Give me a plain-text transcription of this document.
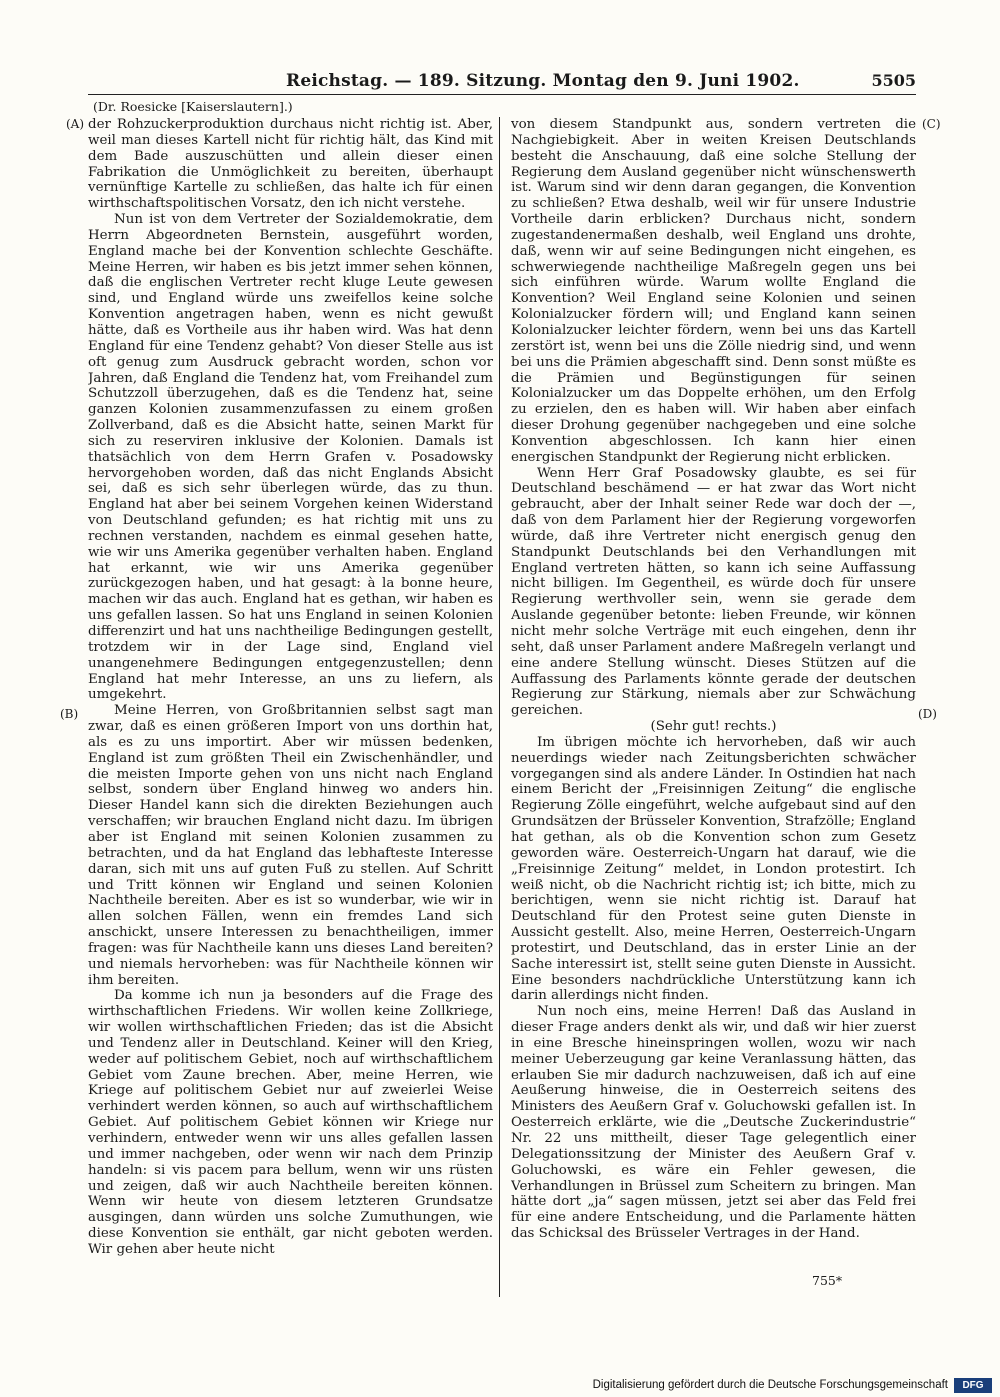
Reichstag. — 189. Sitzung. Montag den 9. Juni 1902.	5505
(Dr. Roesicke [Kaiserslautern].)
(A)
(B)
(C)
(D)

der Rohzuckerproduktion durchaus nicht richtig ist. Aber, weil man dieses Kartell nicht für richtig hält, das Kind mit dem Bade auszuschütten und allein dieser einen Fabrikation die Unmöglichkeit zu bereiten, überhaupt vernünftige Kartelle zu schließen, das halte ich für einen wirthschaftspolitischen Vorsatz, den ich nicht verstehe.

Nun ist von dem Vertreter der Sozialdemokratie, dem Herrn Abgeordneten Bernstein, ausgeführt worden, England mache bei der Konvention schlechte Geschäfte. Meine Herren, wir haben es bis jetzt immer sehen können, daß die englischen Vertreter recht kluge Leute gewesen sind, und England würde uns zweifellos keine solche Konvention angetragen haben, wenn es nicht gewußt hätte, daß es Vortheile aus ihr haben wird. Was hat denn England für eine Tendenz gehabt? Von dieser Stelle aus ist oft genug zum Ausdruck gebracht worden, schon vor Jahren, daß England die Tendenz hat, vom Freihandel zum Schutzzoll überzugehen, daß es die Tendenz hat, seine ganzen Kolonien zusammenzufassen zu einem großen Zollverband, daß es die Absicht hatte, seinen Markt für sich zu reserviren inklusive der Kolonien. Damals ist thatsächlich von dem Herrn Grafen v. Posadowsky hervorgehoben worden, daß das nicht Englands Absicht sei, daß es sich sehr überlegen würde, das zu thun. England hat aber bei seinem Vorgehen keinen Widerstand von Deutschland gefunden; es hat richtig mit uns zu rechnen verstanden, nachdem es einmal gesehen hatte, wie wir uns Amerika gegenüber verhalten haben. England hat erkannt, wie wir uns Amerika gegenüber zurückgezogen haben, und hat gesagt: à la bonne heure, machen wir das auch. England hat es gethan, wir haben es uns gefallen lassen. So hat uns England in seinen Kolonien differenzirt und hat uns nachtheilige Bedingungen gestellt, trotzdem wir in der Lage sind, England viel unangenehmere Bedingungen entgegenzustellen; denn England hat mehr Interesse, an uns zu liefern, als umgekehrt.

Meine Herren, von Großbritannien selbst sagt man zwar, daß es einen größeren Import von uns dorthin hat, als es zu uns importirt. Aber wir müssen bedenken, England ist zum größten Theil ein Zwischenhändler, und die meisten Importe gehen von uns nicht nach England selbst, sondern über England hinweg wo anders hin. Dieser Handel kann sich die direkten Beziehungen auch verschaffen; wir brauchen England nicht dazu. Im übrigen aber ist England mit seinen Kolonien zusammen zu betrachten, und da hat England das lebhafteste Interesse daran, sich mit uns auf guten Fuß zu stellen. Auf Schritt und Tritt können wir England und seinen Kolonien Nachtheile bereiten. Aber es ist so wunderbar, wie wir in allen solchen Fällen, wenn ein fremdes Land sich anschickt, unsere Interessen zu benachtheiligen, immer fragen: was für Nachtheile kann uns dieses Land bereiten? und niemals hervorheben: was für Nachtheile können wir ihm bereiten.

Da komme ich nun ja besonders auf die Frage des wirthschaftlichen Friedens. Wir wollen keine Zollkriege, wir wollen wirthschaftlichen Frieden; das ist die Absicht und Tendenz aller in Deutschland. Keiner will den Krieg, weder auf politischem Gebiet, noch auf wirthschaftlichem Gebiet vom Zaune brechen. Aber, meine Herren, wie Kriege auf politischem Gebiet nur auf zweierlei Weise verhindert werden können, so auch auf wirthschaftlichem Gebiet. Auf politischem Gebiet können wir Kriege nur verhindern, entweder wenn wir uns alles gefallen lassen und immer nachgeben, oder wenn wir nach dem Prinzip handeln: si vis pacem para bellum, wenn wir uns rüsten und zeigen, daß wir auch Nachtheile bereiten können. Wenn wir heute von diesem letzteren Grundsatze ausgingen, dann würden uns solche Zumuthungen, wie diese Konvention sie enthält, gar nicht geboten werden. Wir gehen aber heute nicht

von diesem Standpunkt aus, sondern vertreten die Nachgiebigkeit. Aber in weiten Kreisen Deutschlands besteht die Anschauung, daß eine solche Stellung der Regierung dem Ausland gegenüber nicht wünschenswerth ist. Warum sind wir denn daran gegangen, die Konvention zu schließen? Etwa deshalb, weil wir für unsere Industrie Vortheile darin erblicken? Durchaus nicht, sondern zugestandenermaßen deshalb, weil England uns drohte, daß, wenn wir auf seine Bedingungen nicht eingehen, es schwerwiegende nachtheilige Maßregeln gegen uns bei sich einführen würde. Warum wollte England die Konvention? Weil England seine Kolonien und seinen Kolonialzucker fördern will; und England kann seinen Kolonialzucker leichter fördern, wenn bei uns das Kartell zerstört ist, wenn bei uns die Zölle niedrig sind, und wenn bei uns die Prämien abgeschafft sind. Denn sonst müßte es die Prämien und Begünstigungen für seinen Kolonialzucker um das Doppelte erhöhen, um den Erfolg zu erzielen, den es haben will. Wir haben aber einfach dieser Drohung gegenüber nachgegeben und eine solche Konvention abgeschlossen. Ich kann hier einen energischen Standpunkt der Regierung nicht erblicken.

Wenn Herr Graf Posadowsky glaubte, es sei für Deutschland beschämend — er hat zwar das Wort nicht gebraucht, aber der Inhalt seiner Rede war doch der —, daß von dem Parlament hier der Regierung vorgeworfen würde, daß ihre Vertreter nicht energisch genug den Standpunkt Deutschlands bei den Verhandlungen mit England vertreten hätten, so kann ich seine Auffassung nicht billigen. Im Gegentheil, es würde doch für unsere Regierung werthvoller sein, wenn sie gerade dem Auslande gegenüber betonte: lieben Freunde, wir können nicht mehr solche Verträge mit euch eingehen, denn ihr seht, daß unser Parlament andere Maßregeln verlangt und eine andere Stellung wünscht. Dieses Stützen auf die Auffassung des Parlaments könnte gerade der deutschen Regierung zur Stärkung, niemals aber zur Schwächung gereichen.

(Sehr gut! rechts.)

Im übrigen möchte ich hervorheben, daß wir auch neuerdings wieder nach Zeitungsberichten schwächer vorgegangen sind als andere Länder. In Ostindien hat nach einem Bericht der „Freisinnigen Zeitung“ die englische Regierung Zölle eingeführt, welche aufgebaut sind auf den Grundsätzen der Brüsseler Konvention, Strafzölle; England hat gethan, als ob die Konvention schon zum Gesetz geworden wäre. Oesterreich-Ungarn hat darauf, wie die „Freisinnige Zeitung“ meldet, in London protestirt. Ich weiß nicht, ob die Nachricht richtig ist; ich bitte, mich zu berichtigen, wenn sie nicht richtig ist. Darauf hat Deutschland für den Protest seine guten Dienste in Aussicht gestellt. Also, meine Herren, Oesterreich-Ungarn protestirt, und Deutschland, das in erster Linie an der Sache interessirt ist, stellt seine guten Dienste in Aussicht. Eine besonders nachdrückliche Unterstützung kann ich darin allerdings nicht finden.

Nun noch eins, meine Herren! Daß das Ausland in dieser Frage anders denkt als wir, und daß wir hier zuerst in eine Bresche hineinspringen wollen, wozu wir nach meiner Ueberzeugung gar keine Veranlassung hätten, das erlauben Sie mir dadurch nachzuweisen, daß ich auf eine Aeußerung hinweise, die in Oesterreich seitens des Ministers des Aeußern Graf v. Goluchowski gefallen ist. In Oesterreich erklärte, wie die „Deutsche Zuckerindustrie“ Nr. 22 uns mittheilt, dieser Tage gelegentlich einer Delegationssitzung der Minister des Aeußern Graf v. Goluchowski, es wäre ein Fehler gewesen, die Verhandlungen in Brüssel zum Scheitern zu bringen. Man hätte dort „ja“ sagen müssen, jetzt sei aber das Feld frei für eine andere Entscheidung, und die Parlamente hätten das Schicksal des Brüsseler Vertrages in der Hand.

755*
Digitalisierung gefördert durch die Deutsche Forschungsgemeinschaft	DFG
